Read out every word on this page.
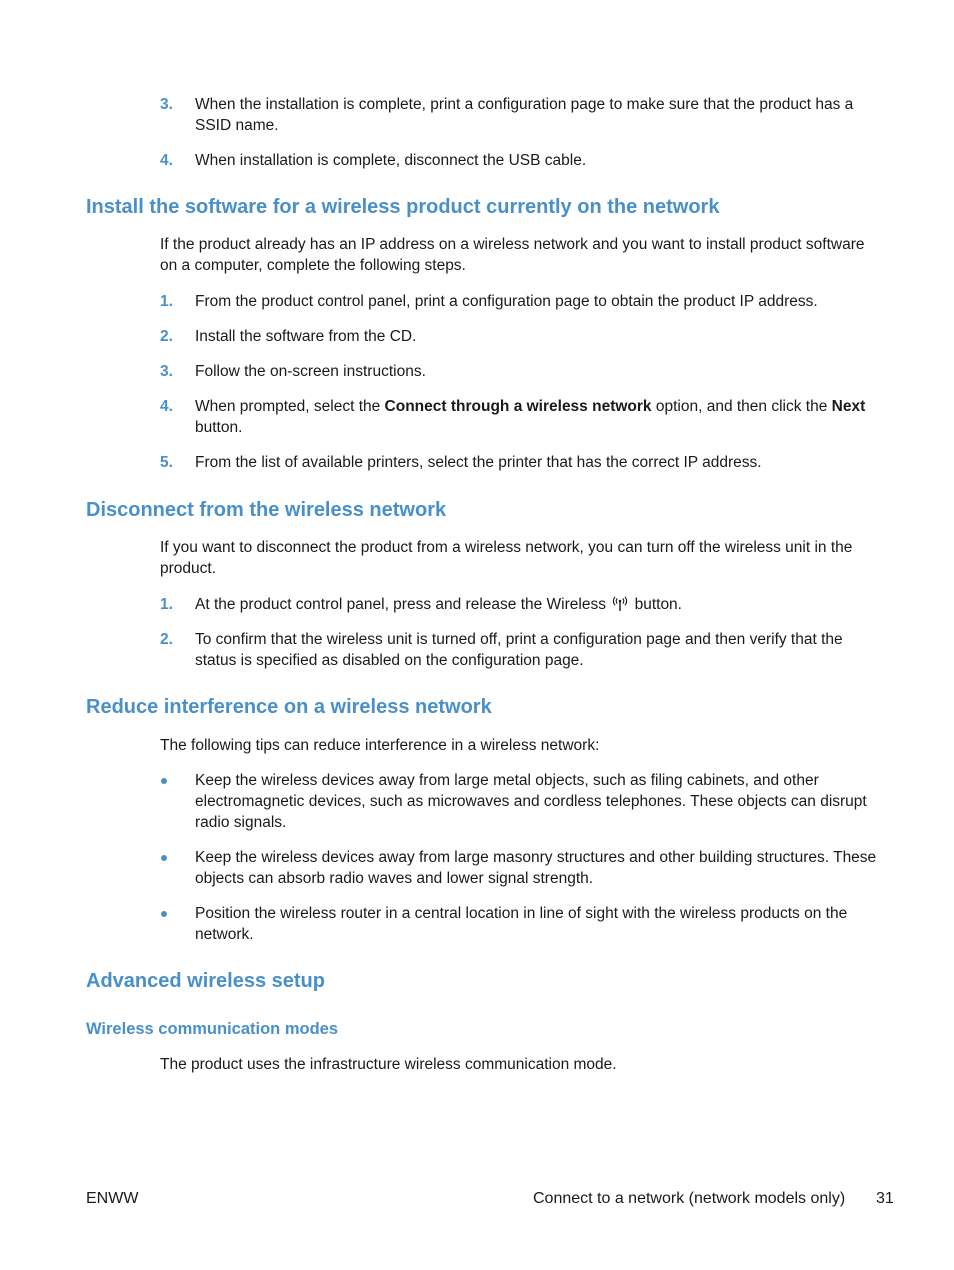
3.	When the installation is complete, print a configuration page to make sure that the product has a SSID name.
4.	When installation is complete, disconnect the USB cable.
Install the software for a wireless product currently on the network
If the product already has an IP address on a wireless network and you want to install product software on a computer, complete the following steps.
1.	From the product control panel, print a configuration page to obtain the product IP address.
2.	Install the software from the CD.
3.	Follow the on-screen instructions.
4.	When prompted, select the Connect through a wireless network option, and then click the Next button.
5.	From the list of available printers, select the printer that has the correct IP address.
Disconnect from the wireless network
If you want to disconnect the product from a wireless network, you can turn off the wireless unit in the product.
1.	At the product control panel, press and release the Wireless  button.
2.	To confirm that the wireless unit is turned off, print a configuration page and then verify that the status is specified as disabled on the configuration page.
Reduce interference on a wireless network
The following tips can reduce interference in a wireless network:
Keep the wireless devices away from large metal objects, such as filing cabinets, and other electromagnetic devices, such as microwaves and cordless telephones. These objects can disrupt radio signals.
Keep the wireless devices away from large masonry structures and other building structures. These objects can absorb radio waves and lower signal strength.
Position the wireless router in a central location in line of sight with the wireless products on the network.
Advanced wireless setup
Wireless communication modes
The product uses the infrastructure wireless communication mode.
ENWW	Connect to a network (network models only) 31
